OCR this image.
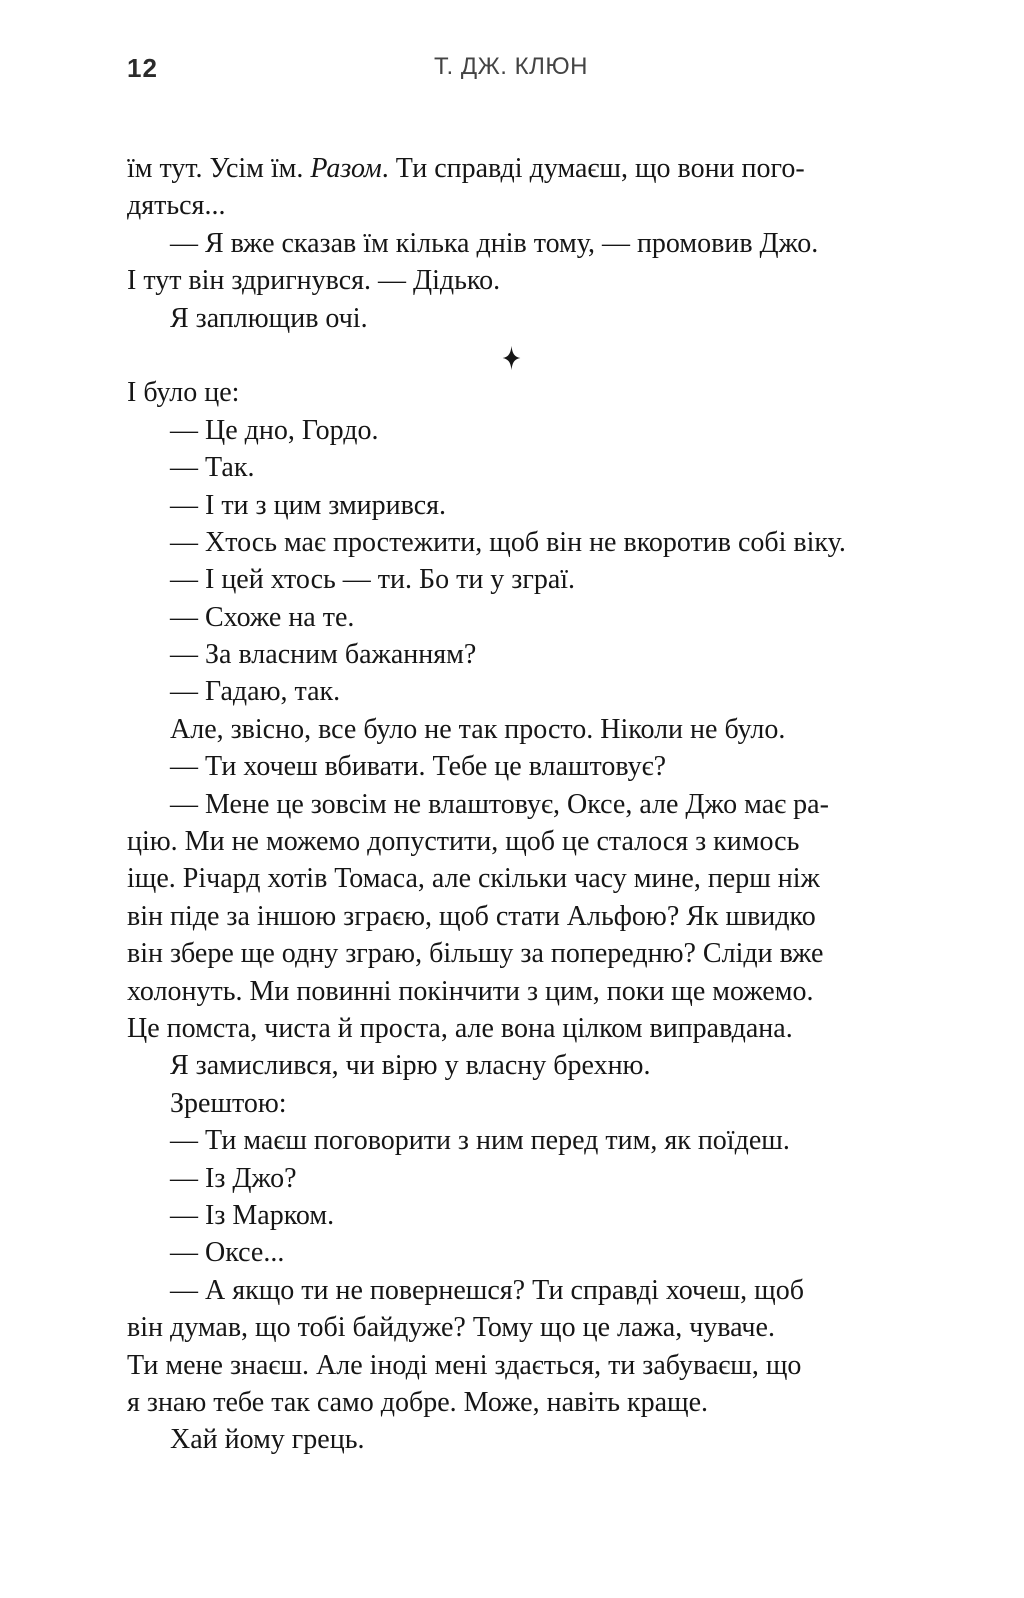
12	Т. ДЖ. КЛЮН
їм тут. Усім їм. Разом. Ти справді думаєш, що вони пого-
дяться...
— Я вже сказав їм кілька днів тому, — промовив Джо.
І тут він здригнувся. — Дідько.
Я заплющив очі.
І було це:
— Це дно, Гордо.
— Так.
— І ти з цим змирився.
— Хтось має простежити, щоб він не вкоротив собі віку.
— І цей хтось — ти. Бо ти у зграї.
— Схоже на те.
— За власним бажанням?
— Гадаю, так.
Але, звісно, все було не так просто. Ніколи не було.
— Ти хочеш вбивати. Тебе це влаштовує?
— Мене це зовсім не влаштовує, Оксе, але Джо має ра-
цію. Ми не можемо допустити, щоб це сталося з кимось
іще. Річард хотів Томаса, але скільки часу мине, перш ніж
він піде за іншою зграєю, щоб стати Альфою? Як швидко
він збере ще одну зграю, більшу за попередню? Сліди вже
холонуть. Ми повинні покінчити з цим, поки ще можемо.
Це помста, чиста й проста, але вона цілком виправдана.
Я замислився, чи вірю у власну брехню.
Зрештою:
— Ти маєш поговорити з ним перед тим, як поїдеш.
— Із Джо?
— Із Марком.
— Оксе...
— А якщо ти не повернешся? Ти справді хочеш, щоб
він думав, що тобі байдуже? Тому що це лажа, чуваче.
Ти мене знаєш. Але іноді мені здається, ти забуваєш, що
я знаю тебе так само добре. Може, навіть краще.
Хай йому грець.
